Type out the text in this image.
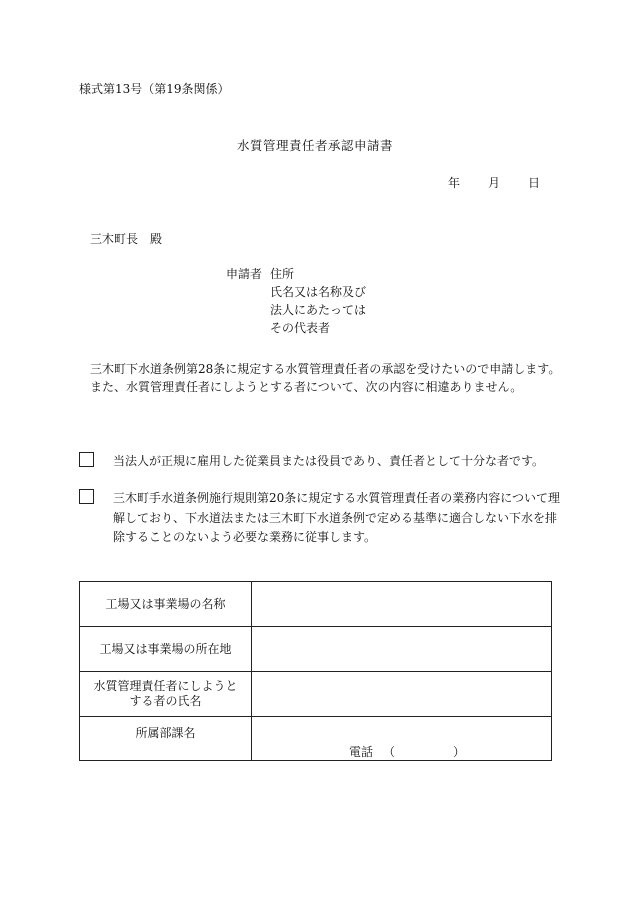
様式第13号（第19条関係）
水質管理責任者承認申請書
年 月 日
三木町長　殿
申請者 住所
氏名又は名称及び
法人にあたっては
その代表者
三木町下水道条例第28条に規定する水質管理責任者の承認を受けたいので申請します。
また、水質管理責任者にしようとする者について、次の内容に相違ありません。
当法人が正規に雇用した従業員または役員であり、責任者として十分な者です。
三木町手水道条例施行規則第20条に規定する水質管理責任者の業務内容について理
解しており、下水道法または三木町下水道条例で定める基準に適合しない下水を排
除することのないよう必要な業務に従事します。
工場又は事業場の名称
工場又は事業場の所在地
水質管理責任者にしようと
する者の氏名
所属部課名
電話 （	）
